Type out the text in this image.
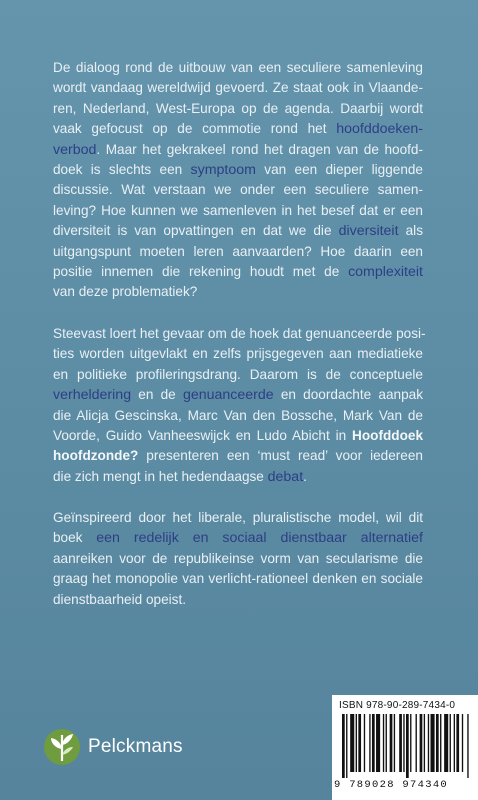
De dialoog rond de uitbouw van een seculiere samenleving
wordt vandaag wereldwijd gevoerd. Ze staat ook in Vlaande-
ren, Nederland, West-Europa op de agenda. Daarbij wordt
vaak gefocust op de commotie rond het hoofddoeken-
verbod. Maar het gekrakeel rond het dragen van de hoofd-
doek is slechts een symptoom van een dieper liggende
discussie. Wat verstaan we onder een seculiere samen-
leving? Hoe kunnen we samenleven in het besef dat er een
diversiteit is van opvattingen en dat we die diversiteit als
uitgangspunt moeten leren aanvaarden? Hoe daarin een
positie innemen die rekening houdt met de complexiteit
van deze problematiek?
Steevast loert het gevaar om de hoek dat genuanceerde posi-
ties worden uitgevlakt en zelfs prijsgegeven aan mediatieke
en politieke profileringsdrang. Daarom is de conceptuele
verheldering en de genuanceerde en doordachte aanpak
die Alicja Gescinska, Marc Van den Bossche, Mark Van de
Voorde, Guido Vanheeswijck en Ludo Abicht in Hoofddoek
hoofdzonde? presenteren een ‘must read’ voor iedereen
die zich mengt in het hedendaagse debat.
Geïnspireerd door het liberale, pluralistische model, wil dit
boek een redelijk en sociaal dienstbaar alternatief
aanreiken voor de republikeinse vorm van secularisme die
graag het monopolie van verlicht-rationeel denken en sociale
dienstbaarheid opeist.
Pelckmans
ISBN 978-90-289-7434-0
9 789028 974340
